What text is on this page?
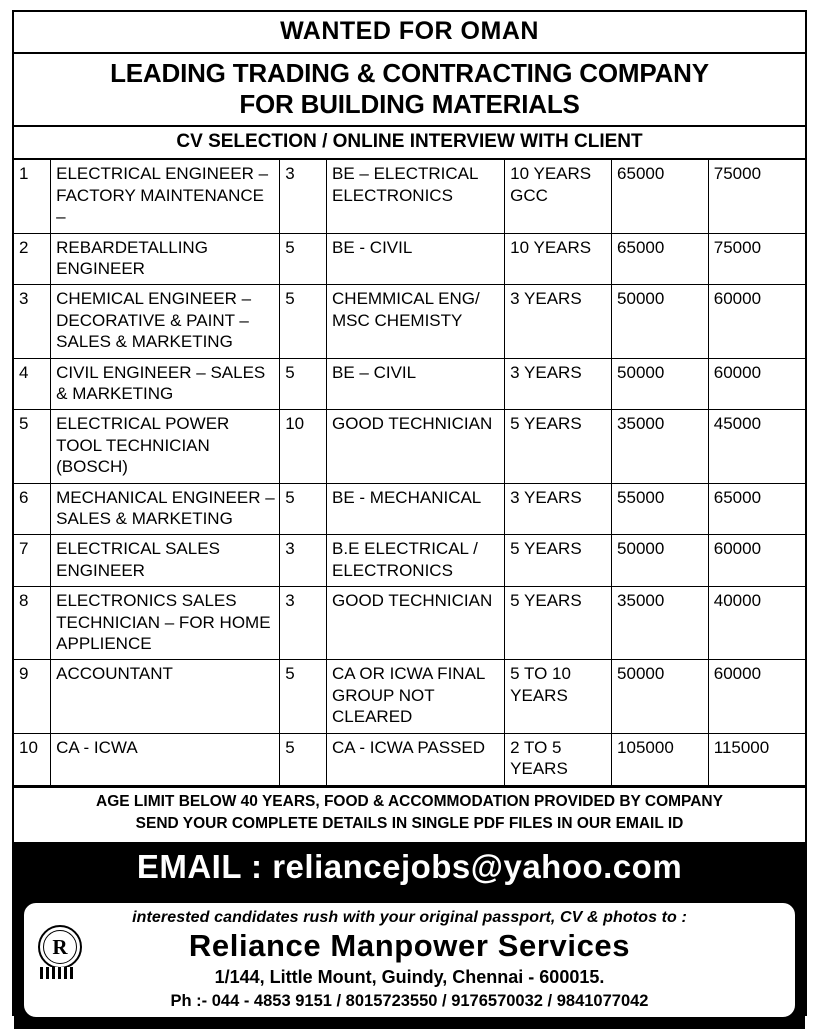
WANTED FOR OMAN
LEADING TRADING & CONTRACTING COMPANY
FOR BUILDING MATERIALS
CV SELECTION / ONLINE INTERVIEW WITH CLIENT
1	ELECTRICAL ENGINEER – FACTORY MAINTENANCE –	3	BE – ELECTRICAL ELECTRONICS	10 YEARS GCC	65000	75000
2	REBARDETALLING ENGINEER	5	BE - CIVIL	10 YEARS	65000	75000
3	CHEMICAL ENGINEER – DECORATIVE & PAINT – SALES & MARKETING	5	CHEMMICAL ENG/ MSC CHEMISTY	3 YEARS	50000	60000
4	CIVIL ENGINEER – SALES & MARKETING	5	BE – CIVIL	3 YEARS	50000	60000
5	ELECTRICAL POWER TOOL TECHNICIAN (BOSCH)	10	GOOD TECHNICIAN	5 YEARS	35000	45000
6	MECHANICAL ENGINEER – SALES & MARKETING	5	BE - MECHANICAL	3 YEARS	55000	65000
7	ELECTRICAL SALES ENGINEER	3	B.E ELECTRICAL / ELECTRONICS	5 YEARS	50000	60000
8	ELECTRONICS SALES TECHNICIAN – FOR HOME APPLIENCE	3	GOOD TECHNICIAN	5 YEARS	35000	40000
9	ACCOUNTANT	5	CA OR ICWA FINAL GROUP NOT CLEARED	5 TO 10 YEARS	50000	60000
10	CA - ICWA	5	CA - ICWA PASSED	2 TO 5 YEARS	105000	115000
AGE LIMIT BELOW 40 YEARS, FOOD & ACCOMMODATION PROVIDED BY COMPANY
SEND YOUR COMPLETE DETAILS IN SINGLE PDF FILES IN OUR EMAIL ID
EMAIL : reliancejobs@yahoo.com
R
interested candidates rush with your original passport, CV & photos to :
Reliance Manpower Services
1/144, Little Mount, Guindy, Chennai - 600015.
Ph :- 044 - 4853 9151 / 8015723550 / 9176570032 / 9841077042
